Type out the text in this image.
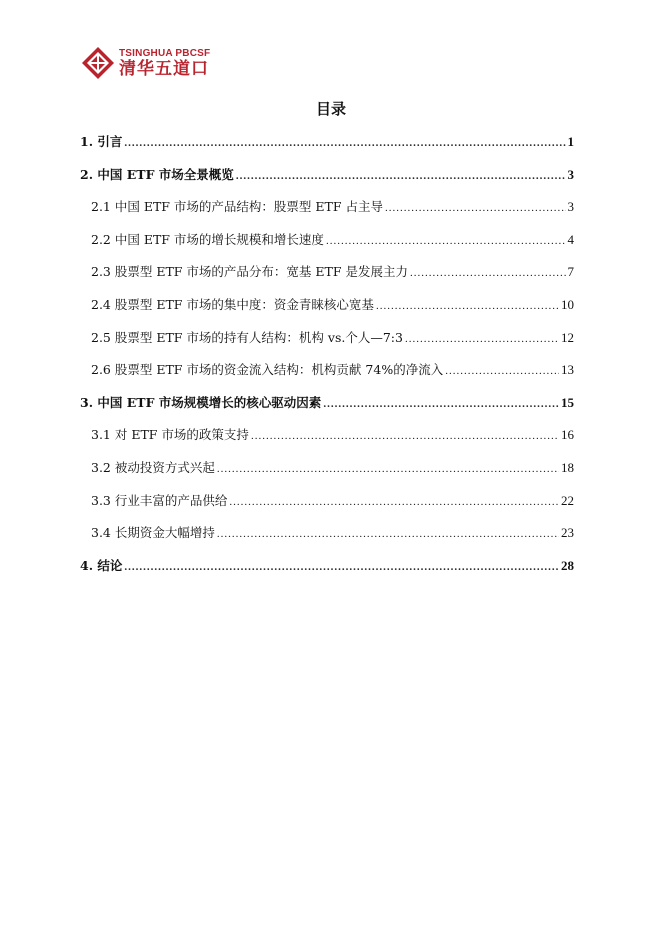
TSINGHUA PBCSF
清华五道口
目录
1. 引言 .....	1
2. 中国 ETF 市场全景概览 .....	3
2.1 中国 ETF 市场的产品结构：股票型 ETF 占主导 .....	3
2.2 中国 ETF 市场的增长规模和增长速度 .....	4
2.3 股票型 ETF 市场的产品分布：宽基 ETF 是发展主力 .....	7
2.4 股票型 ETF 市场的集中度：资金青睐核心宽基 .....	10
2.5 股票型 ETF 市场的持有人结构：机构 vs.个人—7:3 .....	12
2.6 股票型 ETF 市场的资金流入结构：机构贡献 74%的净流入 .....	13
3. 中国 ETF 市场规模增长的核心驱动因素 .....	15
3.1 对 ETF 市场的政策支持 .....	16
3.2 被动投资方式兴起 .....	18
3.3 行业丰富的产品供给 .....	22
3.4 长期资金大幅增持 .....	23
4. 结论 .....	28
